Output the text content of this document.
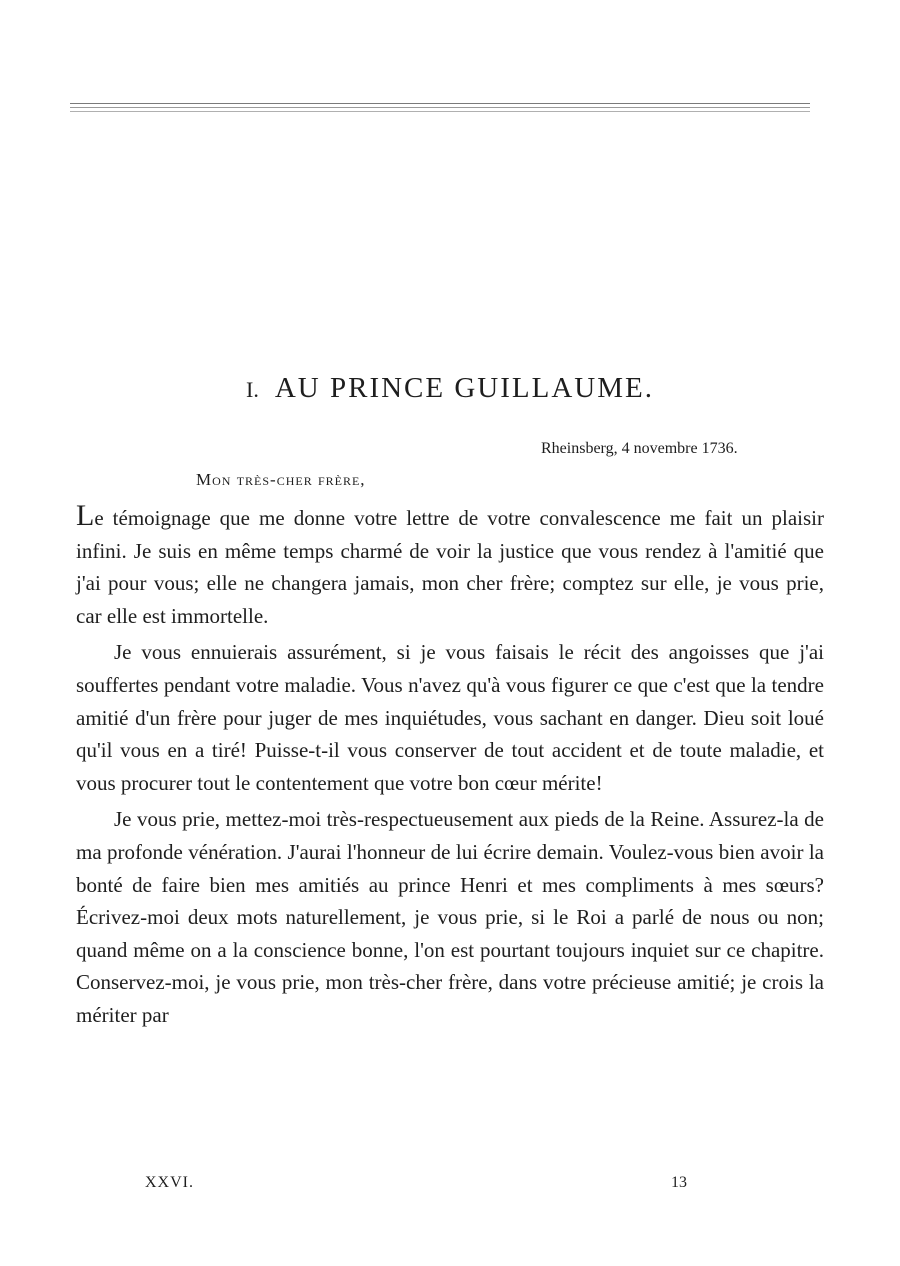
I. AU PRINCE GUILLAUME.
Rheinsberg, 4 novembre 1736.
Mon très-cher frère,

Le témoignage que me donne votre lettre de votre convalescence me fait un plaisir infini. Je suis en même temps charmé de voir la justice que vous rendez à l'amitié que j'ai pour vous; elle ne changera jamais, mon cher frère; comptez sur elle, je vous prie, car elle est immortelle.

Je vous ennuierais assurément, si je vous faisais le récit des angoisses que j'ai souffertes pendant votre maladie. Vous n'avez qu'à vous figurer ce que c'est que la tendre amitié d'un frère pour juger de mes inquiétudes, vous sachant en danger. Dieu soit loué qu'il vous en a tiré! Puisse-t-il vous conserver de tout accident et de toute maladie, et vous procurer tout le contentement que votre bon cœur mérite!

Je vous prie, mettez-moi très-respectueusement aux pieds de la Reine. Assurez-la de ma profonde vénération. J'aurai l'honneur de lui écrire demain. Voulez-vous bien avoir la bonté de faire bien mes amitiés au prince Henri et mes compliments à mes sœurs? Écrivez-moi deux mots naturellement, je vous prie, si le Roi a parlé de nous ou non; quand même on a la conscience bonne, l'on est pourtant toujours inquiet sur ce chapitre. Conservez-moi, je vous prie, mon très-cher frère, dans votre précieuse amitié; je crois la mériter par

XXVI.	13
